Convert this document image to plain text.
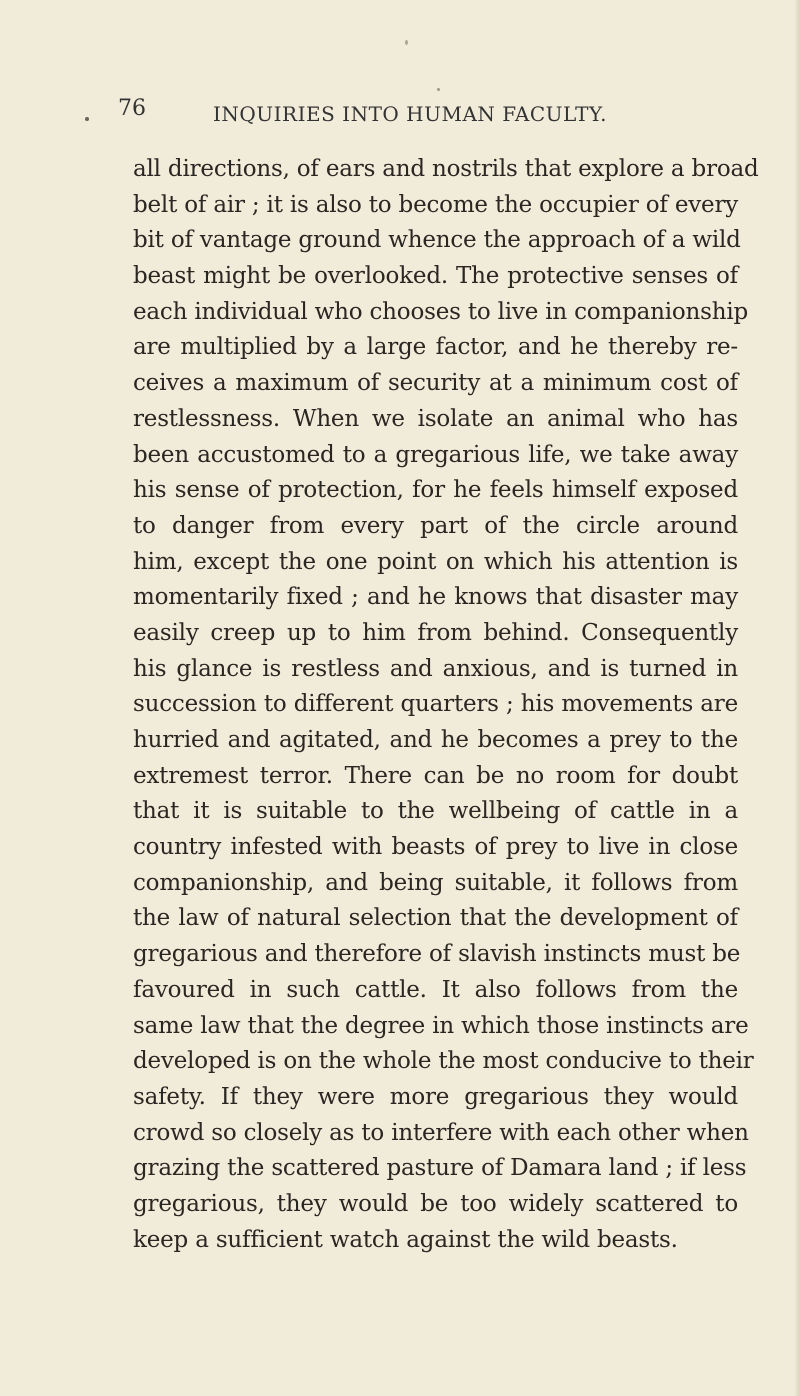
76	INQUIRIES INTO HUMAN FACULTY.
all directions, of ears and nostrils that explore a broad
belt of air ; it is also to become the occupier of every
bit of vantage ground whence the approach of a wild
beast might be overlooked. The protective senses of
each individual who chooses to live in companionship
are multiplied by a large factor, and he thereby re-
ceives a maximum of security at a minimum cost of
restlessness. When we isolate an animal who has
been accustomed to a gregarious life, we take away
his sense of protection, for he feels himself exposed
to danger from every part of the circle around
him, except the one point on which his attention is
momentarily fixed ; and he knows that disaster may
easily creep up to him from behind. Consequently
his glance is restless and anxious, and is turned in
succession to different quarters ; his movements are
hurried and agitated, and he becomes a prey to the
extremest terror. There can be no room for doubt
that it is suitable to the wellbeing of cattle in a
country infested with beasts of prey to live in close
companionship, and being suitable, it follows from
the law of natural selection that the development of
gregarious and therefore of slavish instincts must be
favoured in such cattle. It also follows from the
same law that the degree in which those instincts are
developed is on the whole the most conducive to their
safety. If they were more gregarious they would
crowd so closely as to interfere with each other when
grazing the scattered pasture of Damara land ; if less
gregarious, they would be too widely scattered to
keep a sufficient watch against the wild beasts.
